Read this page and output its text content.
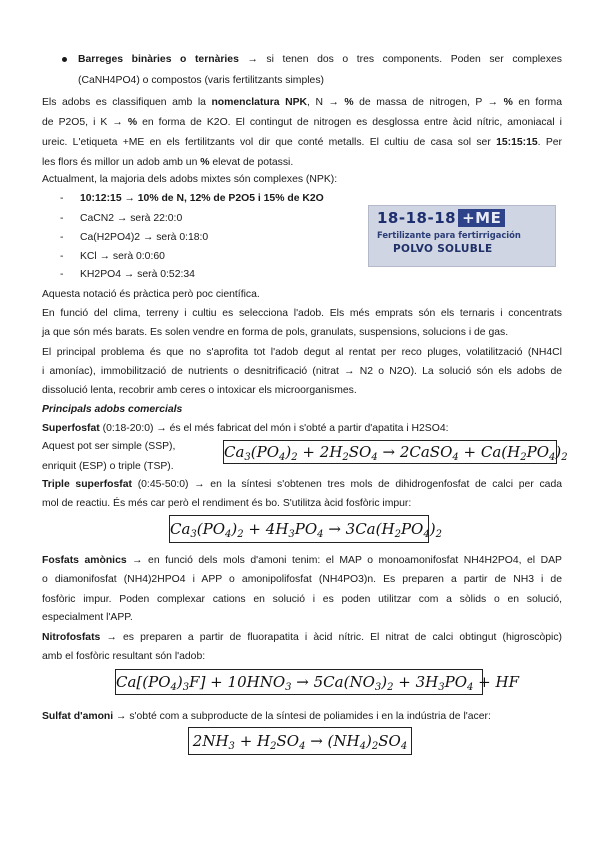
Barreges binàries o ternàries → si tenen dos o tres components. Poden ser complexes
(CaNH4PO4) o compostos (varis fertilitzants simples)
Els adobs es classifiquen amb la nomenclatura NPK, N → % de massa de nitrogen, P → % en forma
de P2O5, i K → % en forma de K2O. El contingut de nitrogen es desglossa entre àcid nítric, amoniacal i
ureic. L'etiqueta +ME en els fertilitzants vol dir que conté metalls. El cultiu de casa sol ser 15:15:15. Per
les flors és millor un adob amb un % elevat de potassi.
Actualment, la majoria dels adobs mixtes són complexes (NPK):
- 10:12:15 → 10% de N, 12% de P2O5 i 15% de K2O
- CaCN2 → serà 22:0:0
- Ca(H2PO4)2 → serà 0:18:0
- KCl → serà 0:0:60
- KH2PO4 → serà 0:52:34
18-18-18 +ME
Fertilizante para fertirrigación
POLVO SOLUBLE
Aquesta notació és pràctica però poc científica.
En funció del clima, terreny i cultiu es selecciona l'adob. Els més emprats són els ternaris i concentrats
ja que són més barats. Es solen vendre en forma de pols, granulats, suspensions, solucions i de gas.
El principal problema és que no s'aprofita tot l'adob degut al rentat per reco pluges, volatilització (NH4Cl
i amoníac), immobilització de nutrients o desnitrificació (nitrat → N2 o N2O). La solució són els adobs de
dissolució lenta, recobrir amb ceres o intoxicar els microorganismes.
Principals adobs comercials
Superfosfat (0:18-20:0) → és el més fabricat del món i s'obté a partir d'apatita i H2SO4:
Aquest pot ser simple (SSP),
enriquit (ESP) o triple (TSP).
$Ca_3(PO_4)_2 + 2H_2SO_4$ → 2CaSO$_4$ + $Ca(H_2PO_4)_2$
Triple superfosfat (0:45-50:0) → en la síntesi s'obtenen tres mols de dihidrogenfosfat de calci per cada
mol de reactiu. És més car però el rendiment és bo. S'utilitza àcid fosfòric impur:
$Ca_3(PO_4)_2 + 4H_3PO_4 \to 3Ca(H_2PO_4)_2$
Fosfats amònics → en funció dels mols d'amoni tenim: el MAP o monoamonifosfat NH4H2PO4, el DAP
o diamonifosfat (NH4)2HPO4 i APP o amonipolifosfat (NH4PO3)n. Es preparen a partir de NH3 i de
fosfòric impur. Poden complexar cations en solució i es poden utilitzar com a sòlids o en solució,
especialment l'APP.
Nitrofosfats → es preparen a partir de fluorapatita i àcid nítric. El nitrat de calci obtingut (higroscòpic)
amb el fosfòric resultant són l'adob:
$Ca[(PO_4)_3F] + 10HNO_3 \to 5Ca(NO_3)_2 + 3H_3PO_4$ + HF
Sulfat d'amoni → s'obté com a subproducte de la síntesi de poliamides i en la indústria de l'acer:
$2NH_3 + H_2SO_4 \to (NH_4)_2SO_4$
